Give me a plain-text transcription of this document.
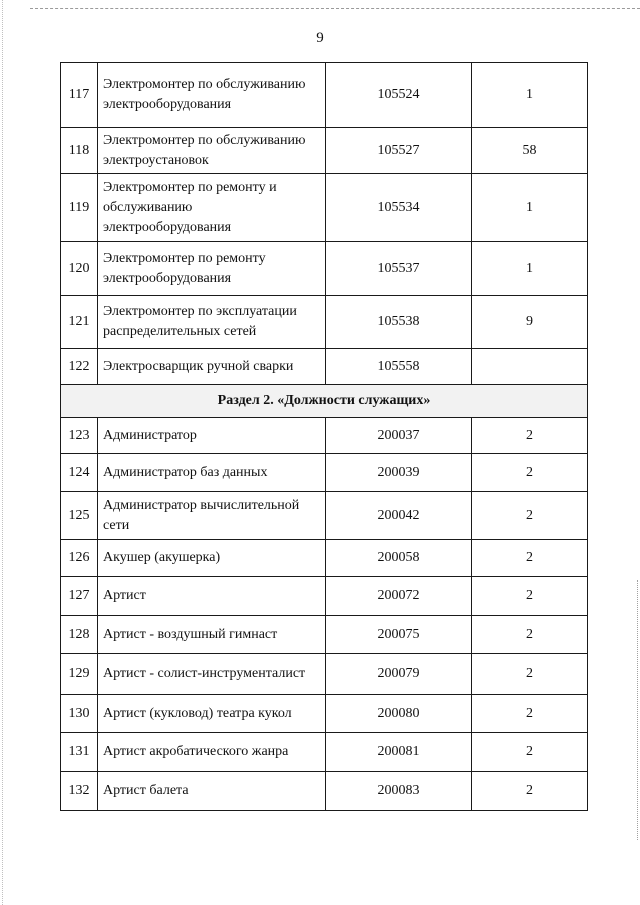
9
117	Электромонтер по обслуживанию электрооборудования	105524	1
118	Электромонтер по обслуживанию электроустановок	105527	58
119	Электромонтер по ремонту и обслуживанию электрооборудования	105534	1
120	Электромонтер по ремонту электрооборудования	105537	1
121	Электромонтер по эксплуатации распределительных сетей	105538	9
122	Электросварщик ручной сварки	105558	
Раздел 2. «Должности служащих»			
123	Администратор	200037	2
124	Администратор баз данных	200039	2
125	Администратор вычислительной сети	200042	2
126	Акушер (акушерка)	200058	2
127	Артист	200072	2
128	Артист - воздушный гимнаст	200075	2
129	Артист - солист-инструменталист	200079	2
130	Артист (кукловод) театра кукол	200080	2
131	Артист акробатического жанра	200081	2
132	Артист балета	200083	2
